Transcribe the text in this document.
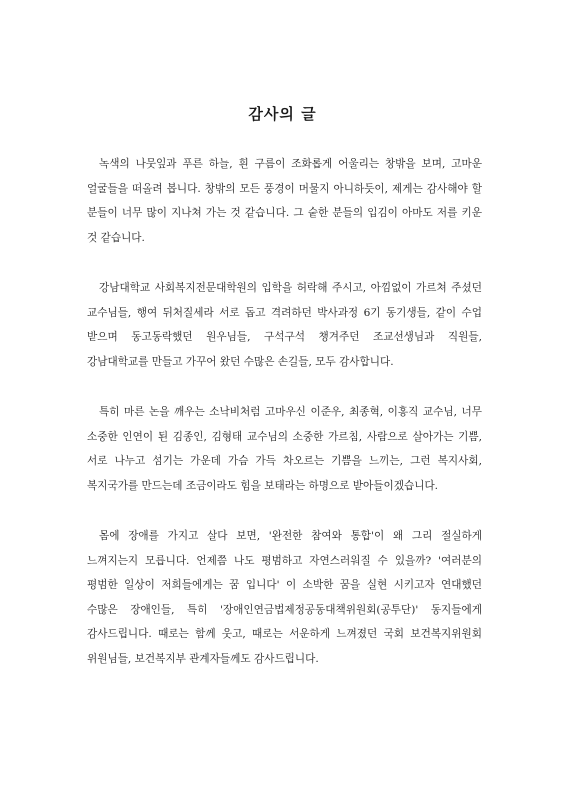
감사의 글

녹색의 나뭇잎과 푸른 하늘, 흰 구름이 조화롭게 어울리는 창밖을 보며, 고마운 얼굴들을 떠올려 봅니다. 창밖의 모든 풍경이 머물지 아니하듯이, 제게는 감사해야 할 분들이 너무 많이 지나쳐 가는 것 같습니다. 그 숱한 분들의 입김이 아마도 저를 키운 것 같습니다.

강남대학교 사회복지전문대학원의 입학을 허락해 주시고, 아낌없이 가르쳐 주셨던 교수님들, 행여 뒤처질세라 서로 돕고 격려하던 박사과정 6기 동기생들, 같이 수업 받으며 동고동락했던 원우님들, 구석구석 챙겨주던 조교선생님과 직원들, 강남대학교를 만들고 가꾸어 왔던 수많은 손길들, 모두 감사합니다.

특히 마른 논을 깨우는 소낙비처럼 고마우신 이준우, 최종혁, 이홍직 교수님, 너무 소중한 인연이 된 김종인, 김형태 교수님의 소중한 가르침, 사람으로 살아가는 기쁨, 서로 나누고 섬기는 가운데 가슴 가득 차오르는 기쁨을 느끼는, 그런 복지사회, 복지국가를 만드는데 조금이라도 힘을 보태라는 하명으로 받아들이겠습니다.

몸에 장애를 가지고 살다 보면, '완전한 참여와 통합'이 왜 그리 절실하게 느껴지는지 모릅니다. 언제쯤 나도 평범하고 자연스러워질 수 있을까? '여러분의 평범한 일상이 저희들에게는 꿈 입니다' 이 소박한 꿈을 실현 시키고자 연대했던 수많은 장애인들, 특히 '장애인연금법제정공동대책위원회(공투단)' 동지들에게 감사드립니다. 때로는 함께 웃고, 때로는 서운하게 느껴졌던 국회 보건복지위원회 위원님들, 보건복지부 관계자들께도 감사드립니다.
